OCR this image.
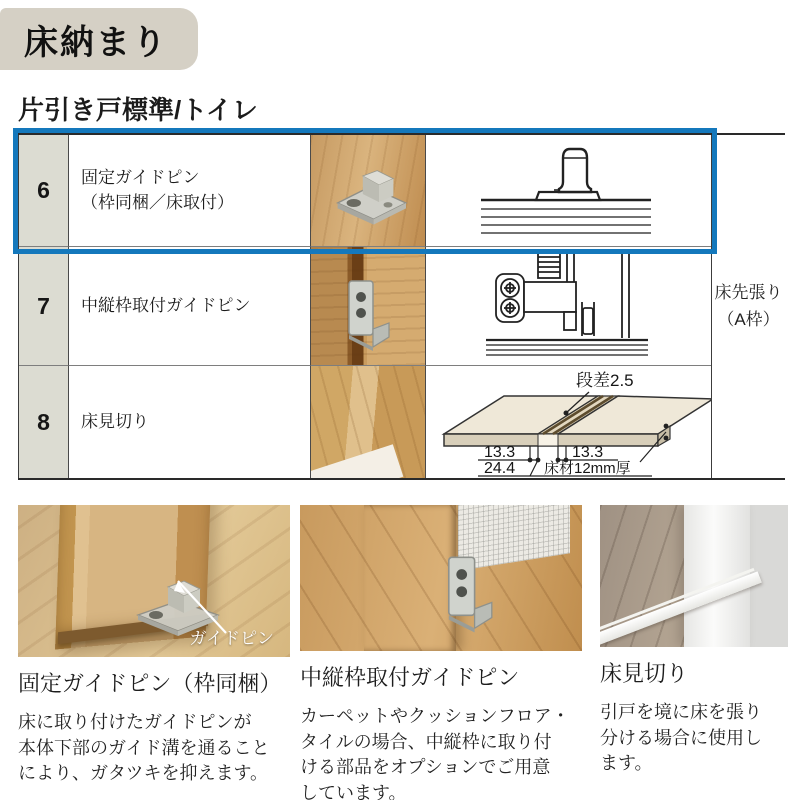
床納まり
片引き戸標準/トイレ
6	固定ガイドピン
（枠同梱／床取付）
7	中縦枠取付ガイドピン
8	床見切り
段差2.5
13.3	13.3
24.4 床材12mm厚
床先張り
（A枠）
ガイドピン
固定ガイドピン（枠同梱）
床に取り付けたガイドピンが
本体下部のガイド溝を通ること
により、ガタツキを抑えます。
中縦枠取付ガイドピン
カーペットやクッションフロア・
タイルの場合、中縦枠に取り付
ける部品をオプションでご用意
しています。
床見切り
引戸を境に床を張り
分ける場合に使用し
ます。
